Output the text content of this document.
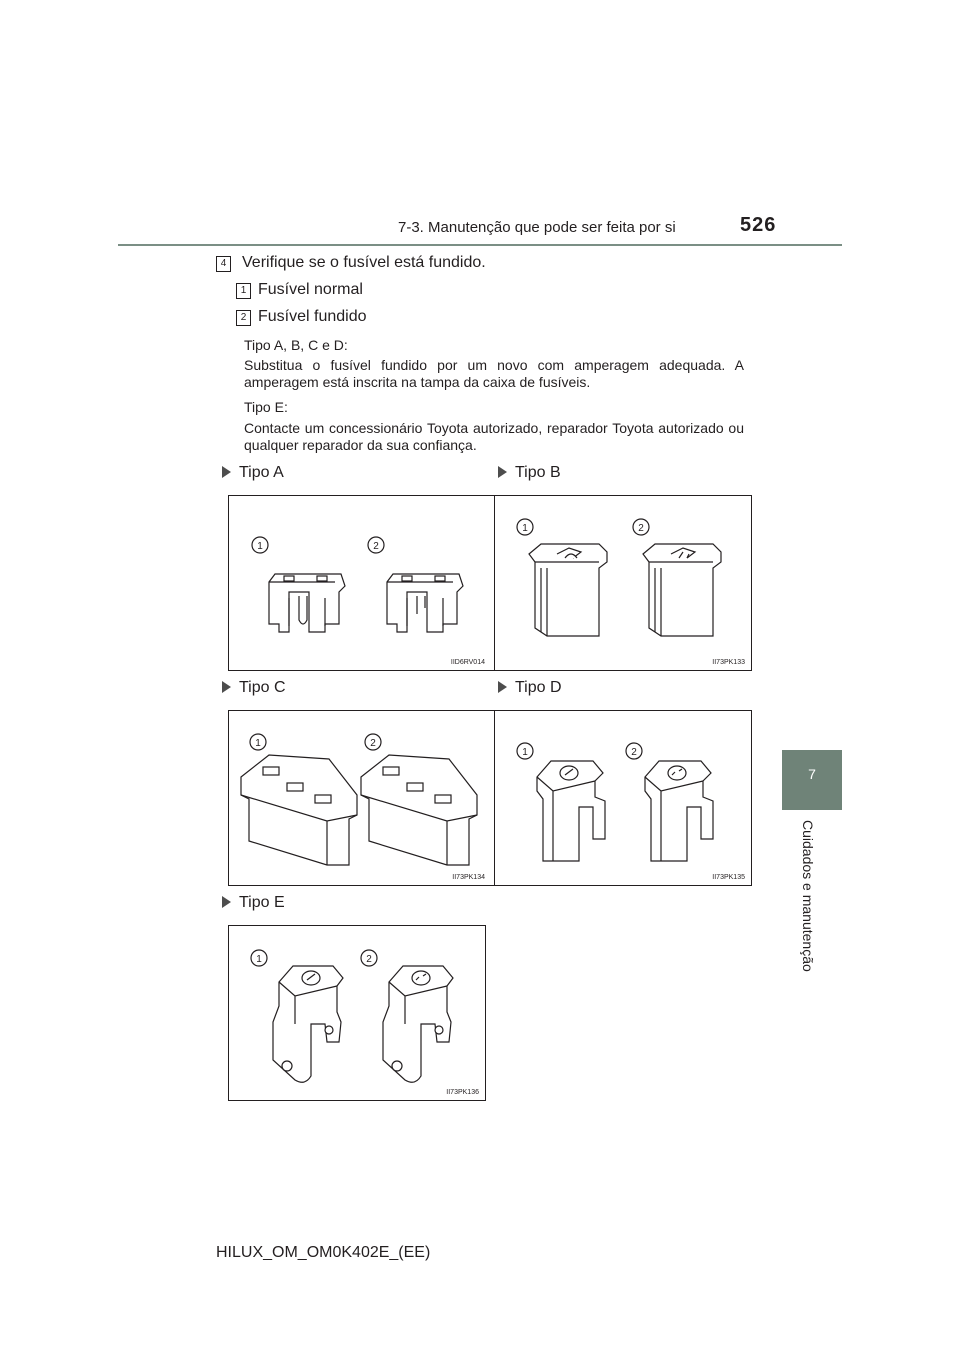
7-3. Manutenção que pode ser feita por si	526
7
Cuidados e manutenção
4 Verifique se o fusível está fundido.
1 Fusível normal
2 Fusível fundido
Tipo A, B, C e D:
Substitua o fusível fundido por um novo com amperagem adequada. A amperagem está inscrita na tampa da caixa de fusíveis.
Tipo E:
Contacte um concessionário Toyota autorizado, reparador Toyota autorizado ou qualquer reparador da sua confiança.
Tipo A
1	2
IID6RV014
Tipo B
1	2
II73PK133
Tipo C
1	2
II73PK134
Tipo D
1	2
II73PK135
Tipo E
1	2
II73PK136
HILUX_OM_OM0K402E_(EE)
